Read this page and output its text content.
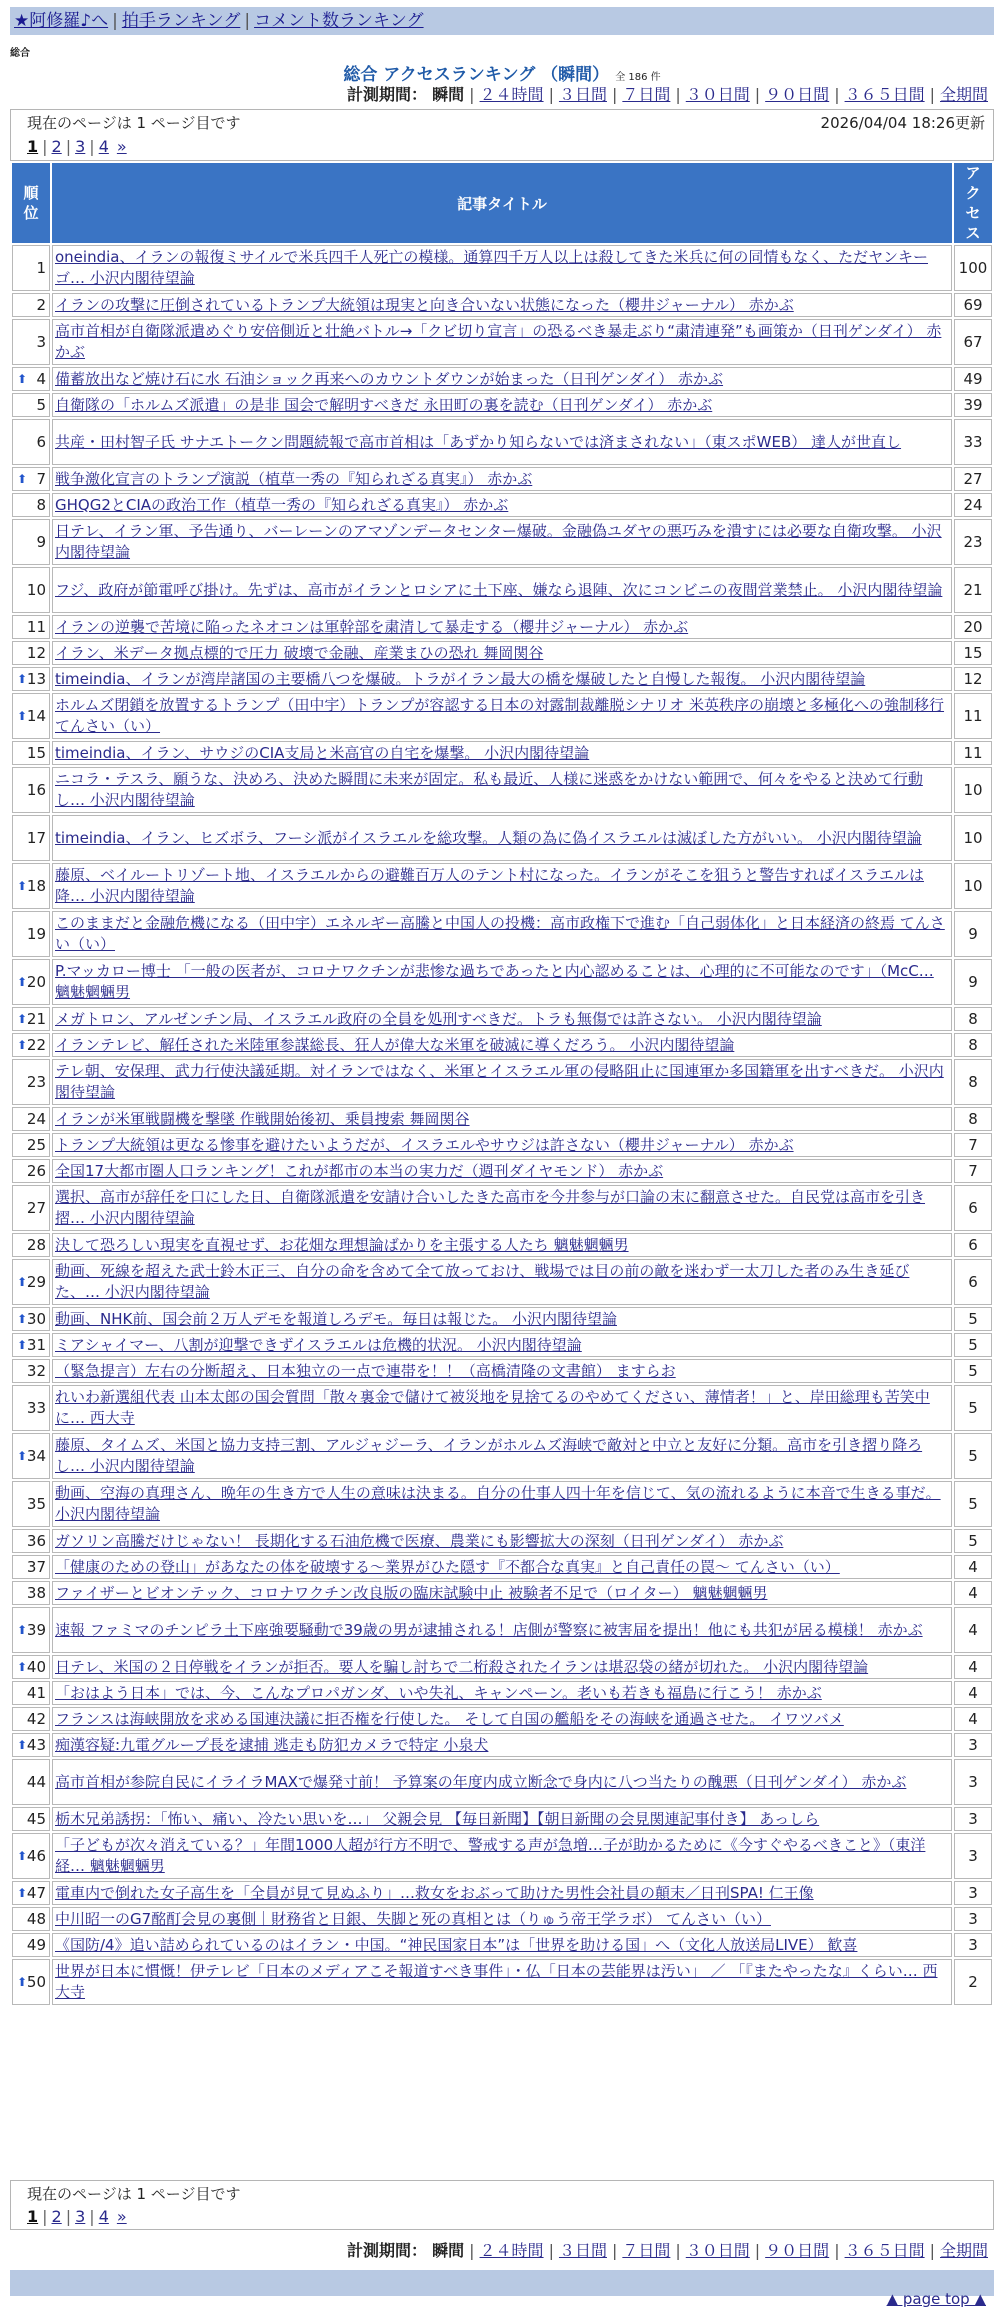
★阿修羅♪へ | 拍手ランキング | コメント数ランキング
総合
総合 アクセスランキング （瞬間） 全 186 件
計測期間： 瞬間 | ２４時間 | ３日間 | ７日間 | ３０日間 | ９０日間 | ３６５日間 | 全期間
現在のページは 1 ページ目です	2026/04/04 18:26更新
1 | 2 | 3 | 4 »
順位	記事タイトル	アクセス
1	oneindia、イランの報復ミサイルで米兵四千人死亡の模様。通算四千万人以上は殺してきた米兵に何の同情もなく、ただヤンキーゴ… 小沢内閣待望論	100
2	イランの攻撃に圧倒されているトランプ大統領は現実と向き合いない状態になった（櫻井ジャーナル） 赤かぶ	69
3	高市首相が自衛隊派遣めぐり安倍側近と壮絶バトル→「クビ切り宣言」の恐るべき暴走ぶり“粛清連発”も画策か（日刊ゲンダイ） 赤かぶ	67

⬆ 4	備蓄放出など焼け石に水 石油ショック再来へのカウントダウンが始まった（日刊ゲンダイ） 赤かぶ	49
5	自衛隊の「ホルムズ派遣」の是非 国会で解明すべきだ 永田町の裏を読む（日刊ゲンダイ） 赤かぶ	39
6	共産・田村智子氏 サナエトークン問題続報で高市首相は「あずかり知らないでは済まされない」（東スポWEB） 達人が世直し	33

⬆ 7	戦争激化宣言のトランプ演説（植草一秀の『知られざる真実』） 赤かぶ	27
8	GHQG2とCIAの政治工作（植草一秀の『知られざる真実』） 赤かぶ	24
9	日テレ、イラン軍、予告通り、バーレーンのアマゾンデータセンター爆破。金融偽ユダヤの悪巧みを潰すには必要な自衛攻撃。 小沢内閣待望論	23
10	フジ、政府が節電呼び掛け。先ずは、高市がイランとロシアに土下座、嫌なら退陣、次にコンビニの夜間営業禁止。 小沢内閣待望論	21
11	イランの逆襲で苦境に陥ったネオコンは軍幹部を粛清して暴走する（櫻井ジャーナル） 赤かぶ	20
12	イラン、米データ拠点標的で圧力 破壊で金融、産業まひの恐れ 舞岡関谷	15

⬆ 13	timeindia、イランが湾岸諸国の主要橋八つを爆破。トラがイラン最大の橋を爆破したと自慢した報復。 小沢内閣待望論	12

⬆ 14	ホルムズ閉鎖を放置するトランプ（田中宇）トランプが容認する日本の対露制裁離脱シナリオ 米英秩序の崩壊と多極化への強制移行 てんさい（い）	11
15	timeindia、イラン、サウジのCIA支局と米高官の自宅を爆撃。 小沢内閣待望論	11
16	ニコラ・テスラ、願うな、決めろ、決めた瞬間に未来が固定。私も最近、人様に迷惑をかけない範囲で、何々をやると決めて行動し… 小沢内閣待望論	10
17	timeindia、イラン、ヒズボラ、フーシ派がイスラエルを総攻撃。人類の為に偽イスラエルは滅ぼした方がいい。 小沢内閣待望論	10

⬆ 18	藤原、ベイルートリゾート地、イスラエルからの避難百万人のテント村になった。イランがそこを狙うと警告すればイスラエルは降… 小沢内閣待望論	10
19	このままだと金融危機になる（田中宇）エネルギー高騰と中国人の投機：高市政権下で進む「自己弱体化」と日本経済の終焉 てんさい（い）	9

⬆ 20	P.マッカロー博士 「一般の医者が、コロナワクチンが悲惨な過ちであったと内心認めることは、心理的に不可能なのです」（McC… 魑魅魍魎男	9

⬆ 21	メガトロン、アルゼンチン局、イスラエル政府の全員を処刑すべきだ。トラも無傷では許さない。 小沢内閣待望論	8

⬆ 22	イランテレビ、解任された米陸軍参謀総長、狂人が偉大な米軍を破滅に導くだろう。 小沢内閣待望論	8
23	テレ朝、安保理、武力行使決議延期。対イランではなく、米軍とイスラエル軍の侵略阻止に国連軍か多国籍軍を出すべきだ。 小沢内閣待望論	8
24	イランが米軍戦闘機を撃墜 作戦開始後初、乗員捜索 舞岡関谷	8
25	トランプ大統領は更なる惨事を避けたいようだが、イスラエルやサウジは許さない（櫻井ジャーナル） 赤かぶ	7
26	全国17大都市圏人口ランキング！これが都市の本当の実力だ（週刊ダイヤモンド） 赤かぶ	7
27	選択、高市が辞任を口にした日、自衛隊派遣を安請け合いしたきた高市を今井参与が口論の末に翻意させた。自民党は高市を引き摺… 小沢内閣待望論	6
28	決して恐ろしい現実を直視せず、お花畑な理想論ばかりを主張する人たち 魑魅魍魎男	6

⬆ 29	動画、死線を超えた武士鈴木正三、自分の命を含めて全て放っておけ、戦場では目の前の敵を迷わず一太刀した者のみ生き延びた、… 小沢内閣待望論	6

⬆ 30	動画、NHK前、国会前２万人デモを報道しろデモ。毎日は報じた。 小沢内閣待望論	5

⬆ 31	ミアシャイマー、八割が迎撃できずイスラエルは危機的状況。 小沢内閣待望論	5
32	（緊急提言）左右の分断超え、日本独立の一点で連帯を！！（高橋清隆の文書館） ますらお	5
33	れいわ新選組代表 山本太郎の国会質問「散々裏金で儲けて被災地を見捨てるのやめてください、薄情者！」と、岸田総理も苦笑中に… 西大寺	5

⬆ 34	藤原、タイムズ、米国と協力支持三割、アルジャジーラ、イランがホルムズ海峡で敵対と中立と友好に分類。高市を引き摺り降ろし… 小沢内閣待望論	5
35	動画、空海の真理さん、晩年の生き方で人生の意味は決まる。自分の仕事人四十年を信じて、気の流れるように本音で生きる事だ。 小沢内閣待望論	5
36	ガソリン高騰だけじゃない！ 長期化する石油危機で医療、農業にも影響拡大の深刻（日刊ゲンダイ） 赤かぶ	5
37	「健康のための登山」があなたの体を破壊する～業界がひた隠す『不都合な真実』と自己責任の罠～ てんさい（い）	4
38	ファイザーとビオンテック、コロナワクチン改良版の臨床試験中止 被験者不足で（ロイター） 魑魅魍魎男	4

⬆ 39	速報 ファミマのチンピラ土下座強要騒動で39歳の男が逮捕される！店側が警察に被害届を提出！他にも共犯が居る模様！ 赤かぶ	4

⬆ 40	日テレ、米国の２日停戦をイランが拒否。要人を騙し討ちで二桁殺されたイランは堪忍袋の緒が切れた。 小沢内閣待望論	4
41	「おはよう日本」では、今、こんなプロパガンダ、いや失礼、キャンペーン。老いも若きも福島に行こう！ 赤かぶ	4
42	フランスは海峡開放を求める国連決議に拒否権を行使した。 そして自国の艦船をその海峡を通過させた。 イワツバメ	4

⬆ 43	痴漢容疑:九電グループ長を逮捕 逃走も防犯カメラで特定 小泉犬	3
44	高市首相が参院自民にイライラMAXで爆発寸前！ 予算案の年度内成立断念で身内に八つ当たりの醜悪（日刊ゲンダイ） 赤かぶ	3
45	栃木兄弟誘拐：「怖い、痛い、冷たい思いを…」 父親会見 【毎日新聞】【朝日新聞の会見関連記事付き】 あっしら	3

⬆ 46	「子どもが次々消えている？」年間1000人超が行方不明で、警戒する声が急増…子が助かるために《今すぐやるべきこと》（東洋経… 魑魅魍魎男	3

⬆ 47	電車内で倒れた女子高生を「全員が見て見ぬふり」…救女をおぶって助けた男性会社員の顛末／日刊SPA! 仁王像	3
48	中川昭一のG7酩酊会見の裏側｜財務省と日銀、失脚と死の真相とは（りゅう帝王学ラボ） てんさい（い）	3
49	《国防/4》追い詰められているのはイラン・中国。“神民国家日本”は「世界を助ける国」へ（文化人放送局LIVE） 歓喜	3

⬆ 50	世界が日本に慣慨！伊テレビ「日本のメディアこそ報道すべき事件」・仏「日本の芸能界は汚い」 ／ 「『またやったな』くらい… 西大寺	2
現在のページは 1 ページ目です
1 | 2 | 3 | 4 »
計測期間： 瞬間 | ２４時間 | ３日間 | ７日間 | ３０日間 | ９０日間 | ３６５日間 | 全期間
▲ page top ▲
